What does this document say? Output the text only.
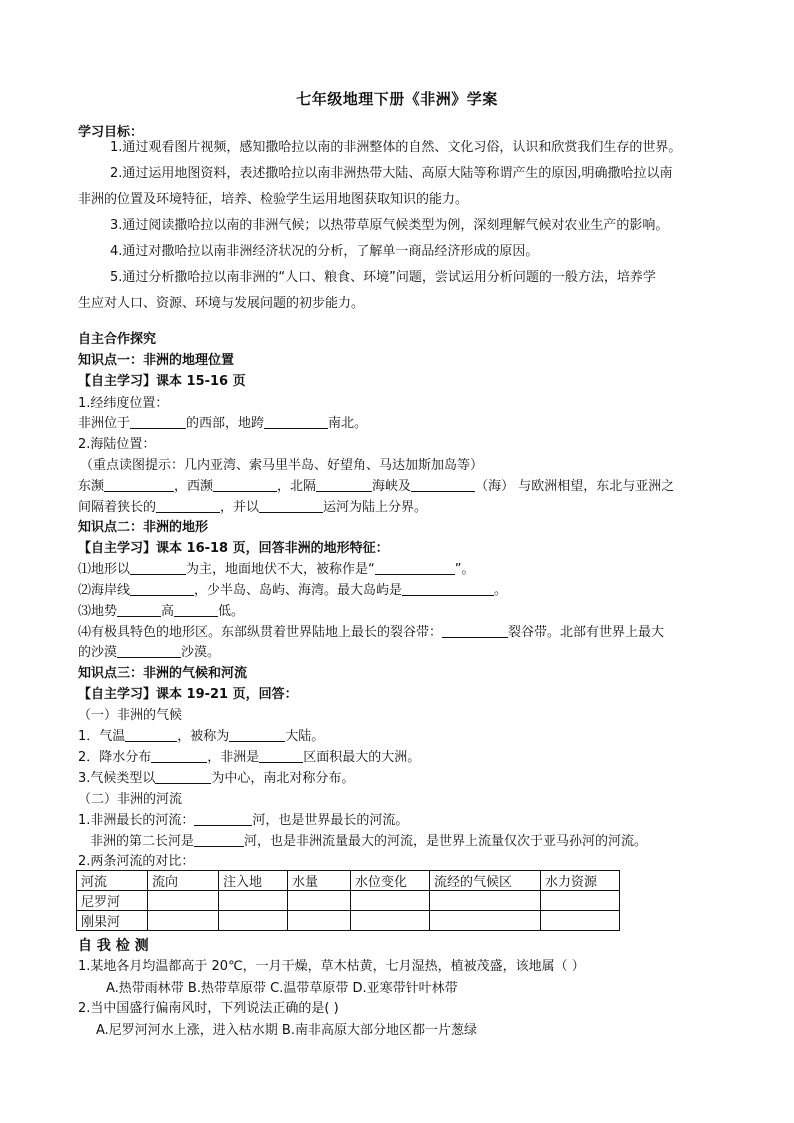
七年级地理下册《非洲》学案
学习目标：
1.通过观看图片视频，感知撒哈拉以南的非洲整体的自然、文化习俗，认识和欣赏我们生存的世界。
2.通过运用地图资料，表述撒哈拉以南非洲热带大陆、高原大陆等称谓产生的原因,明确撒哈拉以南
非洲的位置及环境特征，培养、检验学生运用地图获取知识的能力。
3.通过阅读撒哈拉以南的非洲气候；以热带草原气候类型为例，深刻理解气候对农业生产的影响。
4.通过对撒哈拉以南非洲经济状况的分析，了解单一商品经济形成的原因。
5.通过分析撒哈拉以南非洲的“人口、粮食、环境”问题，尝试运用分析问题的一般方法，培养学
生应对人口、资源、环境与发展问题的初步能力。
自主合作探究
知识点一：非洲的地理位置
【自主学习】课本 15-16 页
1.经纬度位置：
非洲位于	的西部，地跨	南北。
2.海陆位置：
（重点读图提示：几内亚湾、索马里半岛、好望角、马达加斯加岛等）
东濒	，西濒	，北隔	海峡及	（海） 与欧洲相望，东北与亚洲之
间隔着狭长的	，并以	运河为陆上分界。
知识点二：非洲的地形
【自主学习】课本 16-18 页，回答非洲的地形特征：
⑴地形以	为主，地面地伏不大，被称作是“	”。
⑵海岸线	，少半岛、岛屿、海湾。最大岛屿是	。
⑶地势	高	低。
⑷有极具特色的地形区。东部纵贯着世界陆地上最长的裂谷带：	裂谷带。北部有世界上最大
的沙漠	沙漠。
知识点三：非洲的气候和河流
【自主学习】课本 19-21 页，回答：
（一）非洲的气候
1．气温	，被称为	大陆。
2．降水分布	，非洲是	区面积最大的大洲。
3.气候类型以	为中心，南北对称分布。
（二）非洲的河流
1.非洲最长的河流：	河，也是世界最长的河流。
非洲的第二长河是	河，也是非洲流量最大的河流，是世界上流量仅次于亚马孙河的河流。
2.两条河流的对比：
河流	流向	注入地	水量	水位变化	流经的气候区	水力资源
尼罗河						
刚果河						
自 我 检 测
1.某地各月均温都高于 20℃，一月干燥，草木枯黄，七月湿热，植被茂盛，该地属（ ）
A.热带雨林带 B.热带草原带 C.温带草原带 D.亚寒带针叶林带
2.当中国盛行偏南风时，下列说法正确的是( )
A.尼罗河河水上涨，进入枯水期 B.南非高原大部分地区都一片葱绿
